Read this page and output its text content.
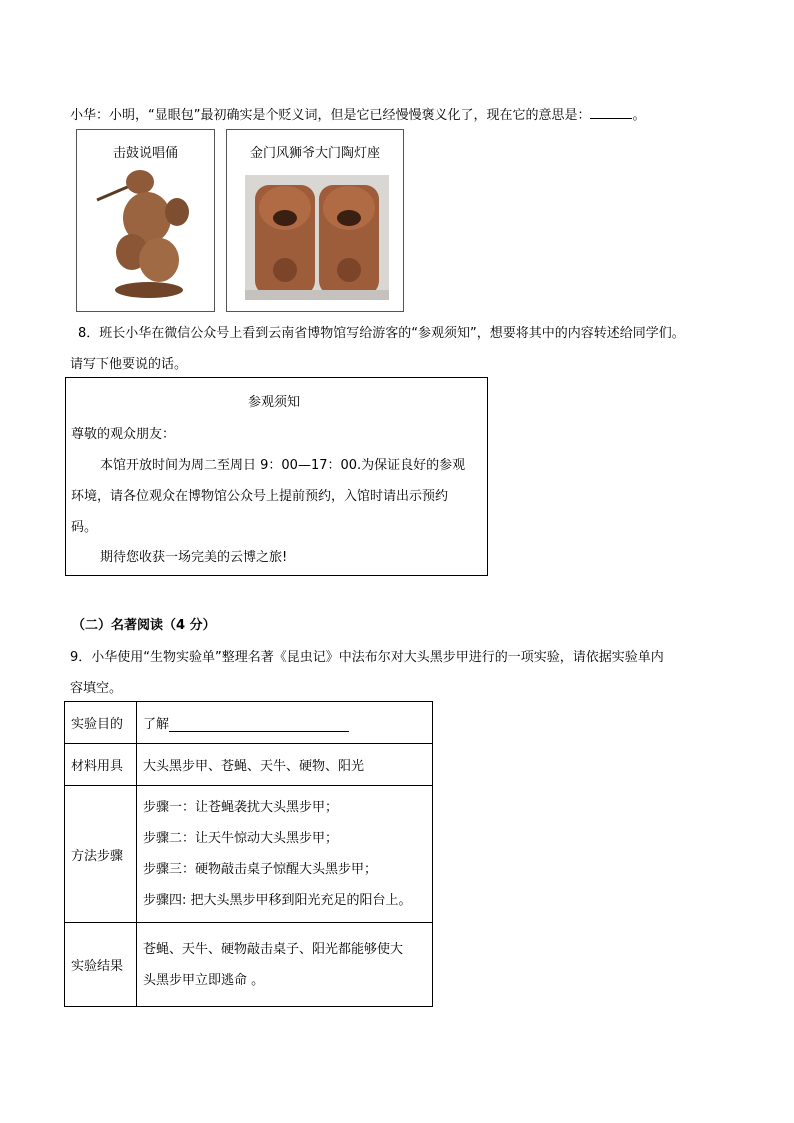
小华：小明，“显眼包”最初确实是个贬义词，但是它已经慢慢褒义化了，现在它的意思是：	。
击鼓说唱俑	金门风狮爷大门陶灯座
8．班长小华在微信公众号上看到云南省博物馆写给游客的“参观须知”，想要将其中的内容转述给同学们。
请写下他要说的话。
参观须知
尊敬的观众朋友：
本馆开放时间为周二至周日 9：00—17：00.为保证良好的参观
环境，请各位观众在博物馆公众号上提前预约，入馆时请出示预约
码。
期待您收获一场完美的云博之旅!
（二）名著阅读（4 分）
9．小华使用“生物实验单”整理名著《昆虫记》中法布尔对大头黑步甲进行的一项实验，请依据实验单内
容填空。
实验目的	了解
材料用具	大头黑步甲、苍蝇、天牛、硬物、阳光
方法步骤	步骤一：让苍蝇袭扰大头黑步甲；
步骤二：让天牛惊动大头黑步甲；
步骤三：硬物敲击桌子惊醒大头黑步甲；
步骤四: 把大头黑步甲移到阳光充足的阳台上。

实验结果	苍蝇、天牛、硬物敲击桌子、阳光都能够使大
头黑步甲立即逃命 。
